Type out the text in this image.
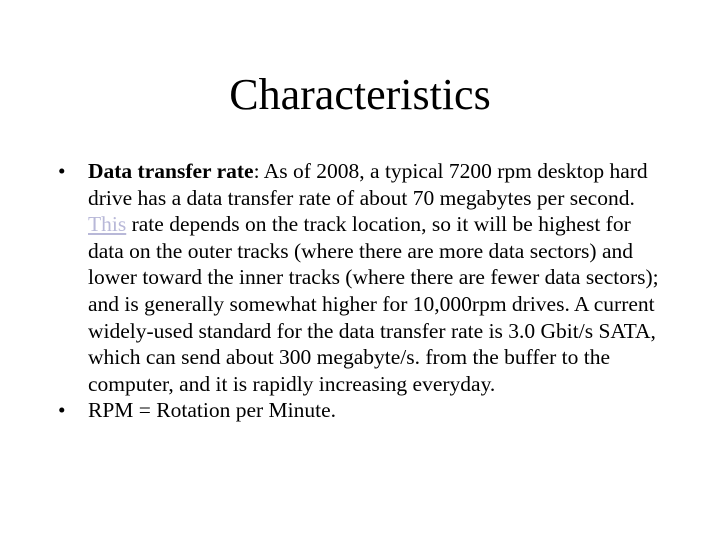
Characteristics
• Data transfer rate: As of 2008, a typical 7200 rpm desktop hard drive has a data transfer rate of about 70 megabytes per second. This rate depends on the track location, so it will be highest for data on the outer tracks (where there are more data sectors) and lower toward the inner tracks (where there are fewer data sectors); and is generally somewhat higher for 10,000rpm drives. A current widely-used standard for the data transfer rate is 3.0 Gbit/s SATA, which can send about 300 megabyte/s. from the buffer to the computer, and it is rapidly increasing everyday.
• RPM = Rotation per Minute.
